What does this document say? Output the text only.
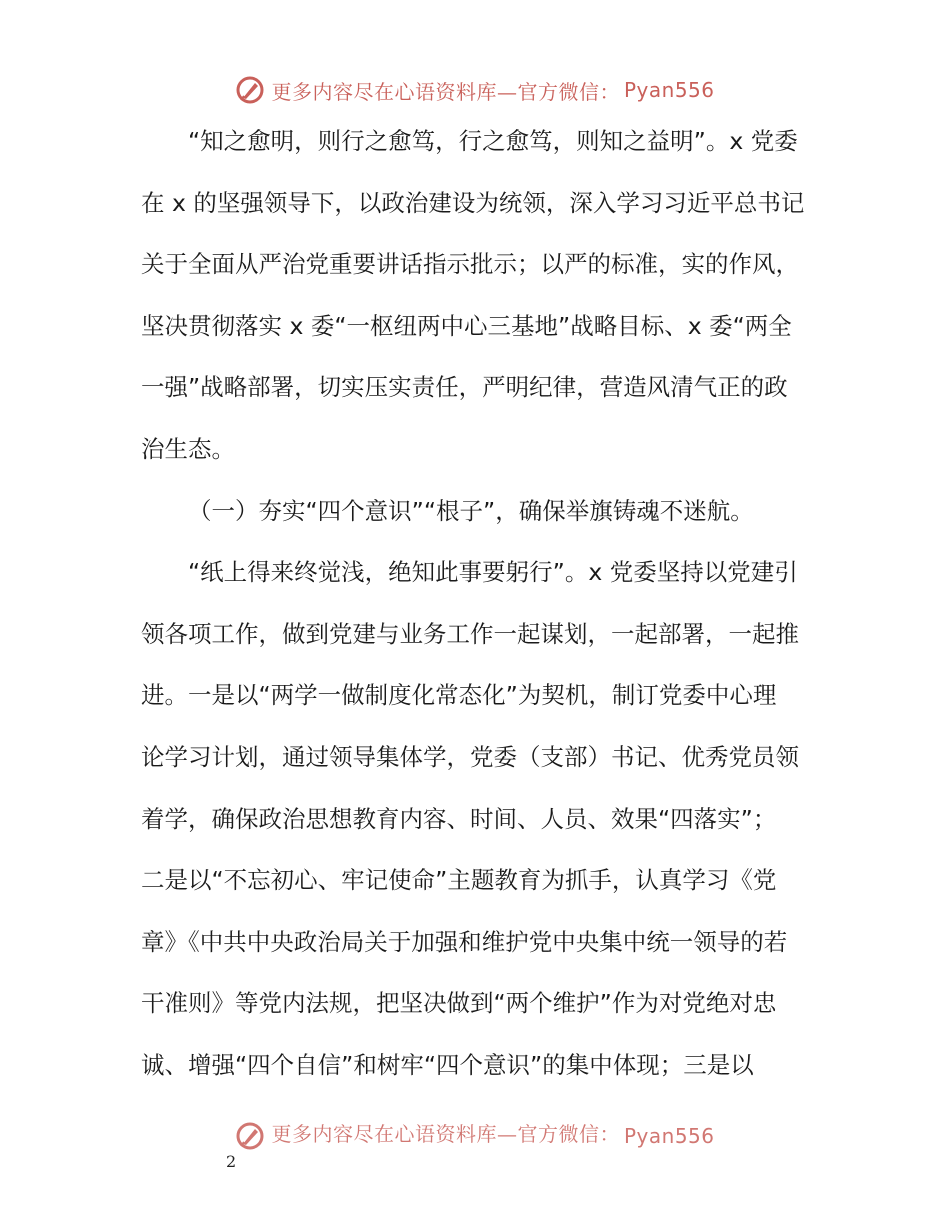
更多内容尽在心语资料库—官方微信： Pyan556
“知之愈明，则行之愈笃，行之愈笃，则知之益明”。x 党委
在 x 的坚强领导下，以政治建设为统领，深入学习习近平总书记
关于全面从严治党重要讲话指示批示；以严的标准，实的作风，
坚决贯彻落实 x 委“一枢纽两中心三基地”战略目标、x 委“两全
一强”战略部署，切实压实责任，严明纪律，营造风清气正的政
治生态。
（一）夯实“四个意识”“根子”，确保举旗铸魂不迷航。
“纸上得来终觉浅，绝知此事要躬行”。x 党委坚持以党建引
领各项工作，做到党建与业务工作一起谋划，一起部署，一起推
进。一是以“两学一做制度化常态化”为契机，制订党委中心理
论学习计划，通过领导集体学，党委（支部）书记、优秀党员领
着学，确保政治思想教育内容、时间、人员、效果“四落实”；
二是以“不忘初心、牢记使命”主题教育为抓手，认真学习《党
章》《中共中央政治局关于加强和维护党中央集中统一领导的若
干准则》等党内法规，把坚决做到“两个维护”作为对党绝对忠
诚、增强“四个自信”和树牢“四个意识”的集中体现；三是以
更多内容尽在心语资料库—官方微信： Pyan556
2
